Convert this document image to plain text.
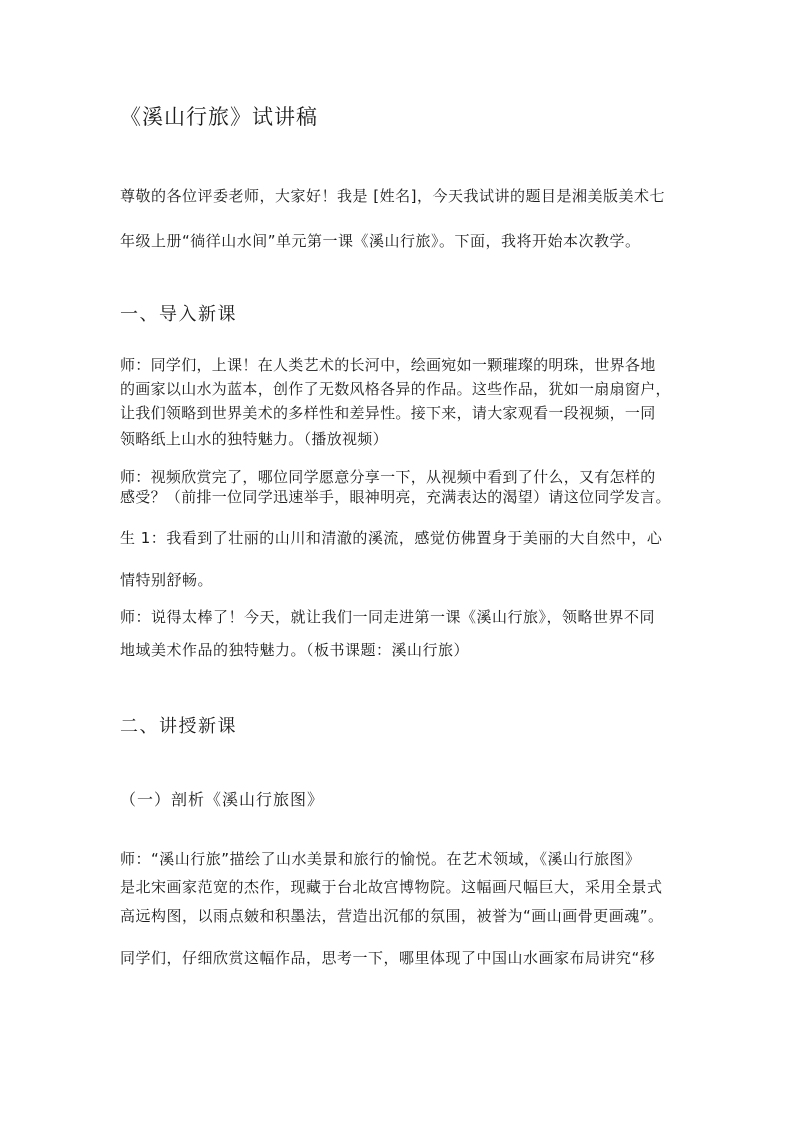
《溪山行旅》试讲稿
尊敬的各位评委老师，大家好！我是 [姓名]，今天我试讲的题目是湘美版美术七
年级上册“徜徉山水间”单元第一课《溪山行旅》。下面，我将开始本次教学。
一、导入新课
师：同学们，上课！在人类艺术的长河中，绘画宛如一颗璀璨的明珠，世界各地
的画家以山水为蓝本，创作了无数风格各异的作品。这些作品，犹如一扇扇窗户，
让我们领略到世界美术的多样性和差异性。接下来，请大家观看一段视频，一同
领略纸上山水的独特魅力。（播放视频）
师：视频欣赏完了，哪位同学愿意分享一下，从视频中看到了什么，又有怎样的
感受？（前排一位同学迅速举手，眼神明亮，充满表达的渴望）请这位同学发言。
生 1：我看到了壮丽的山川和清澈的溪流，感觉仿佛置身于美丽的大自然中，心
情特别舒畅。
师：说得太棒了！今天，就让我们一同走进第一课《溪山行旅》，领略世界不同
地域美术作品的独特魅力。（板书课题：溪山行旅）
二、讲授新课
（一）剖析《溪山行旅图》
师：“溪山行旅”描绘了山水美景和旅行的愉悦。在艺术领域，《溪山行旅图》
是北宋画家范宽的杰作，现藏于台北故宫博物院。这幅画尺幅巨大，采用全景式
高远构图，以雨点皴和积墨法，营造出沉郁的氛围，被誉为“画山画骨更画魂”。
同学们，仔细欣赏这幅作品，思考一下，哪里体现了中国山水画家布局讲究“移
